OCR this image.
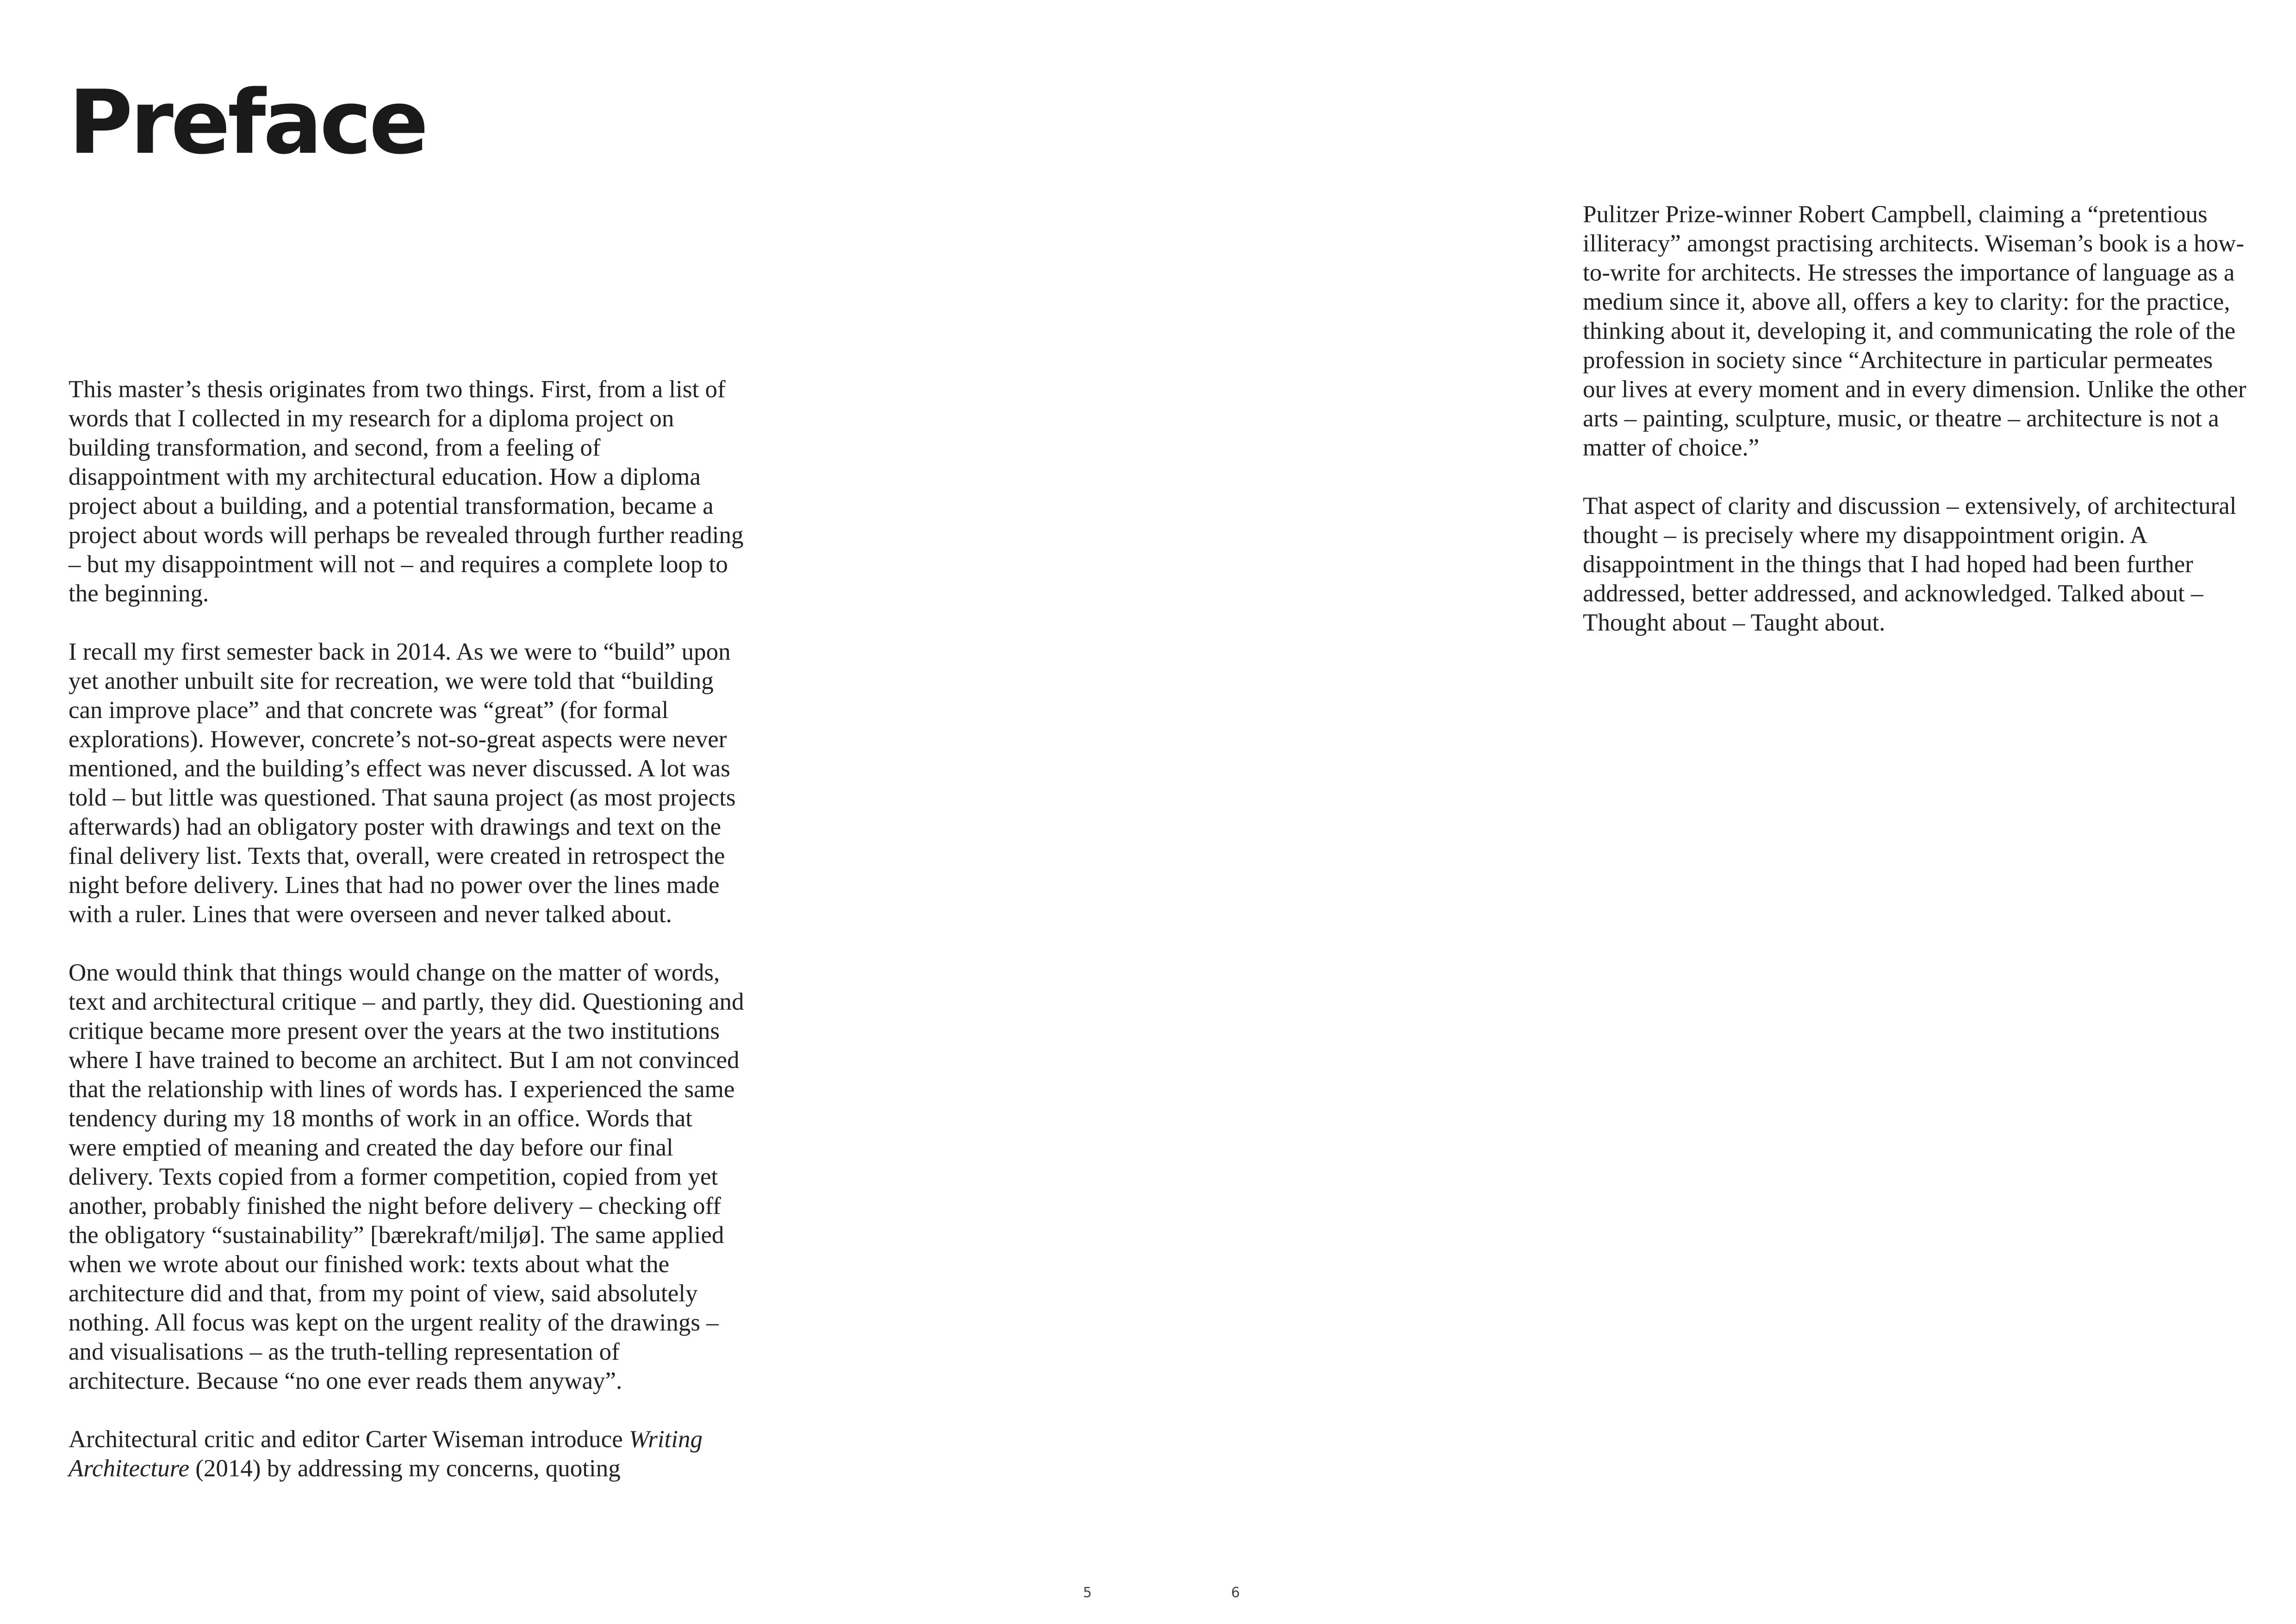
Preface

This master’s thesis originates from two things. First, from a list of words that I collected in my research for a diploma project on building transformation, and second, from a feeling of disappointment with my architectural education. How a diploma project about a building, and a potential transformation, became a project about words will perhaps be revealed through further reading – but my disappointment will not – and requires a complete loop to the beginning.

I recall my first semester back in 2014. As we were to “build” upon yet another unbuilt site for recreation, we were told that “building can improve place” and that concrete was “great” (for formal explorations). However, concrete’s not-so-great aspects were never mentioned, and the building’s effect was never discussed. A lot was told – but little was questioned. That sauna project (as most projects afterwards) had an obligatory poster with drawings and text on the final delivery list. Texts that, overall, were created in retrospect the night before delivery. Lines that had no power over the lines made with a ruler. Lines that were overseen and never talked about.

One would think that things would change on the matter of words, text and architectural critique – and partly, they did. Questioning and critique became more present over the years at the two institutions where I have trained to become an architect. But I am not convinced that the relationship with lines of words has. I experienced the same tendency during my 18 months of work in an office. Words that were emptied of meaning and created the day before our final delivery. Texts copied from a former competition, copied from yet another, probably finished the night before delivery – checking off the obligatory “sustainability” [bærekraft/miljø]. The same applied when we wrote about our finished work: texts about what the architecture did and that, from my point of view, said absolutely nothing. All focus was kept on the urgent reality of the drawings – and visualisations – as the truth-telling representation of architecture. Because “no one ever reads them anyway”.

Architectural critic and editor Carter Wiseman introduce Writing Architecture (2014) by addressing my concerns, quoting

5

Pulitzer Prize-winner Robert Campbell, claiming a “pretentious illiteracy” amongst practising architects. Wiseman’s book is a how-to-write for architects. He stresses the importance of language as a medium since it, above all, offers a key to clarity: for the practice, thinking about it, developing it, and communicating the role of the profession in society since “Architecture in particular permeates our lives at every moment and in every dimension. Unlike the other arts – painting, sculpture, music, or theatre – architecture is not a matter of choice.”

That aspect of clarity and discussion – extensively, of architectural thought – is precisely where my disappointment origin. A disappointment in the things that I had hoped had been further addressed, better addressed, and acknowledged. Talked about – Thought about – Taught about.

6
